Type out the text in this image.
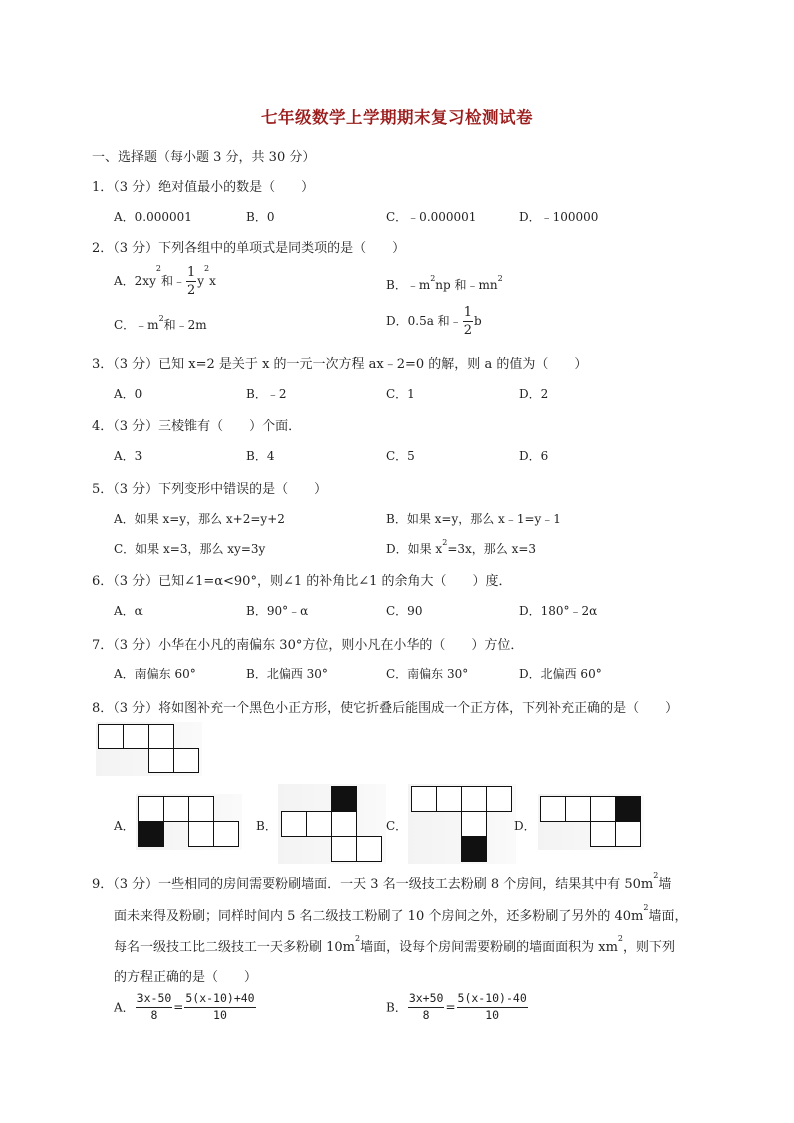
七年级数学上学期期末复习检测试卷
一、选择题（每小题 3 分，共 30 分）
1．（3 分）绝对值最小的数是（　　）
A．0.000001	B．0	C．﹣0.000001	D．﹣100000
2．（3 分）下列各组中的单项式是同类项的是（　　）
A．$2xy^2$和﹣ $\frac{1}{2} y^2x$	B．$﹣m^2np$ 和$﹣mn^2$
C．$﹣m^2$和﹣2m	D．0.5a 和﹣ $\frac{1}{2}$ b
3．（3 分）已知 x=2 是关于 x 的一元一次方程 ax﹣2=0 的解，则 a 的值为（　　）
A．0	B．﹣2	C．1	D．2
4．（3 分）三棱锥有（　　）个面．
A．3	B．4	C．5	D．6
5．（3 分）下列变形中错误的是（　　）
A．如果 x=y，那么 x+2=y+2	B．如果 x=y，那么 x﹣1=y﹣1
C．如果 x=3，那么 xy=3y	D．如果 $x^2=3x$，那么 x=3
6．（3 分）已知∠1=α<90°，则∠1 的补角比∠1 的余角大（　　）度．
A．α	B．90°﹣α	C．90	D．180°﹣2α
7．（3 分）小华在小凡的南偏东 30°方位，则小凡在小华的（　　）方位．
A．南偏东 60°	B．北偏西 30°	C．南偏东 30°	D．北偏西 60°
8．（3 分）将如图补充一个黑色小正方形，使它折叠后能围成一个正方体，下列补充正确的是（　　）
A．	B．	C．	D．
9．（3 分）一些相同的房间需要粉刷墙面．一天 3 名一级技工去粉刷 8 个房间，结果其中有 $50m^2$墙
面未来得及粉刷；同样时间内 5 名二级技工粉刷了 10 个房间之外，还多粉刷了另外的 $40m^2$墙面，
每名一级技工比二级技工一天多粉刷 $10m^2$墙面，设每个房间需要粉刷的墙面面积为 $xm^2$，则下列
的方程正确的是（　　）
A． $\frac{3x-50}{8} = \frac{5(x-10)+40}{10}$	B． $\frac{3x+50}{8} = \frac{5(x-10)-40}{10}$
